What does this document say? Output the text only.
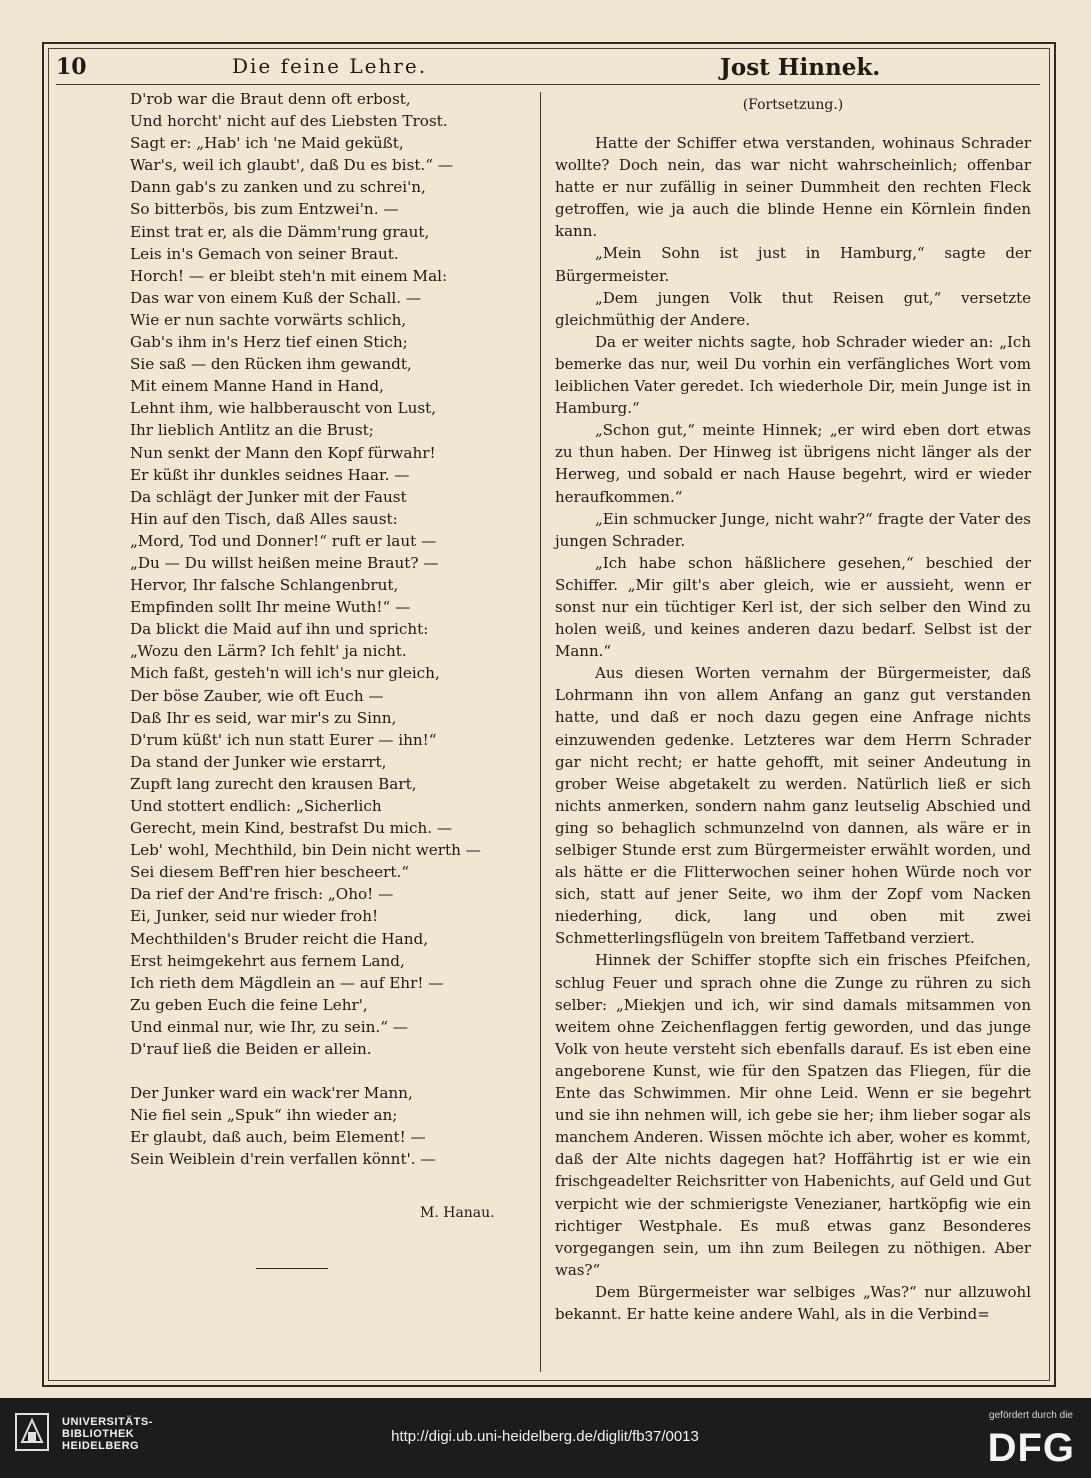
10	Die feine Lehre.	Jost Hinnek.
D'rob war die Braut denn oft erbost,
Und horcht' nicht auf des Liebsten Trost.
Sagt er: „Hab' ich 'ne Maid geküßt,
War's, weil ich glaubt', daß Du es bist.“ —
Dann gab's zu zanken und zu schrei'n,
So bitterbös, bis zum Entzwei'n. —
Einst trat er, als die Dämm'rung graut,
Leis in's Gemach von seiner Braut.
Horch! — er bleibt steh'n mit einem Mal:
Das war von einem Kuß der Schall. —
Wie er nun sachte vorwärts schlich,
Gab's ihm in's Herz tief einen Stich;
Sie saß — den Rücken ihm gewandt,
Mit einem Manne Hand in Hand,
Lehnt ihm, wie halbberauscht von Lust,
Ihr lieblich Antlitz an die Brust;
Nun senkt der Mann den Kopf fürwahr!
Er küßt ihr dunkles seidnes Haar. —
Da schlägt der Junker mit der Faust
Hin auf den Tisch, daß Alles saust:
„Mord, Tod und Donner!“ ruft er laut —
„Du — Du willst heißen meine Braut? —
Hervor, Ihr falsche Schlangenbrut,
Empfinden sollt Ihr meine Wuth!“ —
Da blickt die Maid auf ihn und spricht:
„Wozu den Lärm? Ich fehlt' ja nicht.
Mich faßt, gesteh'n will ich's nur gleich,
Der böse Zauber, wie oft Euch —
Daß Ihr es seid, war mir's zu Sinn,
D'rum küßt' ich nun statt Eurer — ihn!“
Da stand der Junker wie erstarrt,
Zupft lang zurecht den krausen Bart,
Und stottert endlich: „Sicherlich
Gerecht, mein Kind, bestrafst Du mich. —
Leb' wohl, Mechthild, bin Dein nicht werth —
Sei diesem Beff'ren hier bescheert.“
Da rief der And're frisch: „Oho! —
Ei, Junker, seid nur wieder froh!
Mechthilden's Bruder reicht die Hand,
Erst heimgekehrt aus fernem Land,
Ich rieth dem Mägdlein an — auf Ehr! —
Zu geben Euch die feine Lehr',
Und einmal nur, wie Ihr, zu sein.“ —
D'rauf ließ die Beiden er allein.
Der Junker ward ein wack'rer Mann,
Nie fiel sein „Spuk“ ihn wieder an;
Er glaubt, daß auch, beim Element! —
Sein Weiblein d'rein verfallen könnt'. —
M. Hanau.
(Fortsetzung.)

Hatte der Schiffer etwa verstanden, wohinaus Schrader wollte? Doch nein, das war nicht wahrscheinlich; offenbar hatte er nur zufällig in seiner Dummheit den rechten Fleck getroffen, wie ja auch die blinde Henne ein Körnlein finden kann.

„Mein Sohn ist just in Hamburg,“ sagte der Bürgermeister.

„Dem jungen Volk thut Reisen gut,“ versetzte gleichmüthig der Andere.

Da er weiter nichts sagte, hob Schrader wieder an: „Ich bemerke das nur, weil Du vorhin ein verfängliches Wort vom leiblichen Vater geredet. Ich wiederhole Dir, mein Junge ist in Hamburg.“

„Schon gut,“ meinte Hinnek; „er wird eben dort etwas zu thun haben. Der Hinweg ist übrigens nicht länger als der Herweg, und sobald er nach Hause begehrt, wird er wieder heraufkommen.“

„Ein schmucker Junge, nicht wahr?“ fragte der Vater des jungen Schrader.

„Ich habe schon häßlichere gesehen,“ beschied der Schiffer. „Mir gilt's aber gleich, wie er aussieht, wenn er sonst nur ein tüchtiger Kerl ist, der sich selber den Wind zu holen weiß, und keines anderen dazu bedarf. Selbst ist der Mann.“

Aus diesen Worten vernahm der Bürgermeister, daß Lohrmann ihn von allem Anfang an ganz gut verstanden hatte, und daß er noch dazu gegen eine Anfrage nichts einzuwenden gedenke. Letzteres war dem Herrn Schrader gar nicht recht; er hatte gehofft, mit seiner Andeutung in grober Weise abgetakelt zu werden. Natürlich ließ er sich nichts anmerken, sondern nahm ganz leutselig Abschied und ging so behaglich schmunzelnd von dannen, als wäre er in selbiger Stunde erst zum Bürgermeister erwählt worden, und als hätte er die Flitterwochen seiner hohen Würde noch vor sich, statt auf jener Seite, wo ihm der Zopf vom Nacken niederhing, dick, lang und oben mit zwei Schmetterlingsflügeln von breitem Taffetband verziert.

Hinnek der Schiffer stopfte sich ein frisches Pfeifchen, schlug Feuer und sprach ohne die Zunge zu rühren zu sich selber: „Miekjen und ich, wir sind damals mitsammen von weitem ohne Zeichenflaggen fertig geworden, und das junge Volk von heute versteht sich ebenfalls darauf. Es ist eben eine angeborene Kunst, wie für den Spatzen das Fliegen, für die Ente das Schwimmen. Mir ohne Leid. Wenn er sie begehrt und sie ihn nehmen will, ich gebe sie her; ihm lieber sogar als manchem Anderen. Wissen möchte ich aber, woher es kommt, daß der Alte nichts dagegen hat? Hoffährtig ist er wie ein frischgeadelter Reichsritter von Habenichts, auf Geld und Gut verpicht wie der schmierigste Venezianer, hartköpfig wie ein richtiger Westphale. Es muß etwas ganz Besonderes vorgegangen sein, um ihn zum Beilegen zu nöthigen. Aber was?“

Dem Bürgermeister war selbiges „Was?“ nur allzuwohl bekannt. Er hatte keine andere Wahl, als in die Verbind=

UNIVERSITÄTS-
BIBLIOTHEK
HEIDELBERG
http://digi.ub.uni-heidelberg.de/diglit/fb37/0013
gefördert durch die
DFG
